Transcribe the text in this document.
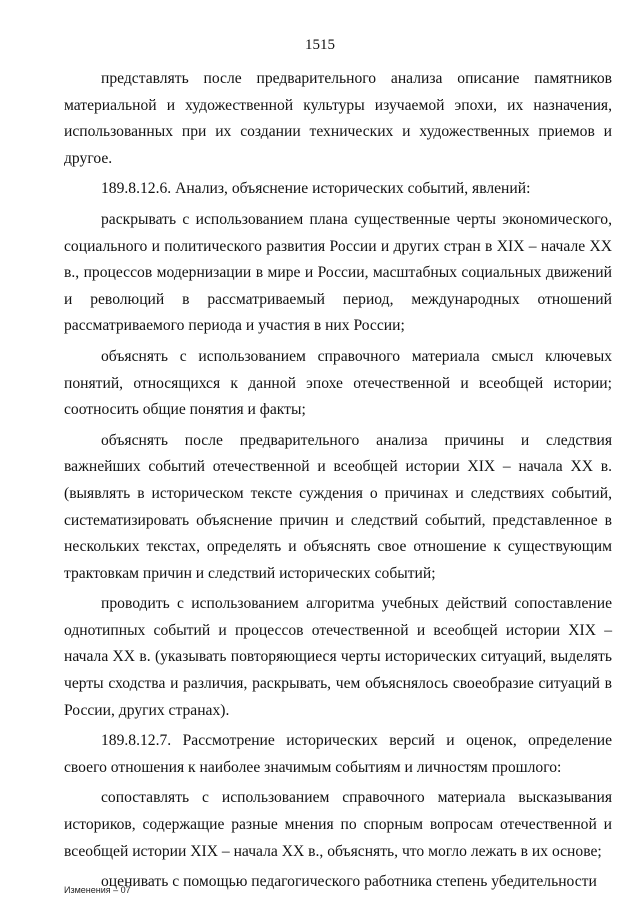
1515

представлять после предварительного анализа описание памятников материальной и художественной культуры изучаемой эпохи, их назначения, использованных при их создании технических и художественных приемов и другое.

189.8.12.6. Анализ, объяснение исторических событий, явлений:

раскрывать с использованием плана существенные черты экономического, социального и политического развития России и других стран в XIX – начале XX в., процессов модернизации в мире и России, масштабных социальных движений и революций в рассматриваемый период, международных отношений рассматриваемого периода и участия в них России;

объяснять с использованием справочного материала смысл ключевых понятий, относящихся к данной эпохе отечественной и всеобщей истории; соотносить общие понятия и факты;

объяснять после предварительного анализа причины и следствия важнейших событий отечественной и всеобщей истории XIX – начала XX в. (выявлять в историческом тексте суждения о причинах и следствиях событий, систематизировать объяснение причин и следствий событий, представленное в нескольких текстах, определять и объяснять свое отношение к существующим трактовкам причин и следствий исторических событий;

проводить с использованием алгоритма учебных действий сопоставление однотипных событий и процессов отечественной и всеобщей истории XIX – начала XX в. (указывать повторяющиеся черты исторических ситуаций, выделять черты сходства и различия, раскрывать, чем объяснялось своеобразие ситуаций в России, других странах).

189.8.12.7. Рассмотрение исторических версий и оценок, определение своего отношения к наиболее значимым событиям и личностям прошлого:

сопоставлять с использованием справочного материала высказывания историков, содержащие разные мнения по спорным вопросам отечественной и всеобщей истории XIX – начала XX в., объяснять, что могло лежать в их основе;

оценивать с помощью педагогического работника степень убедительности

Изменения – 07
